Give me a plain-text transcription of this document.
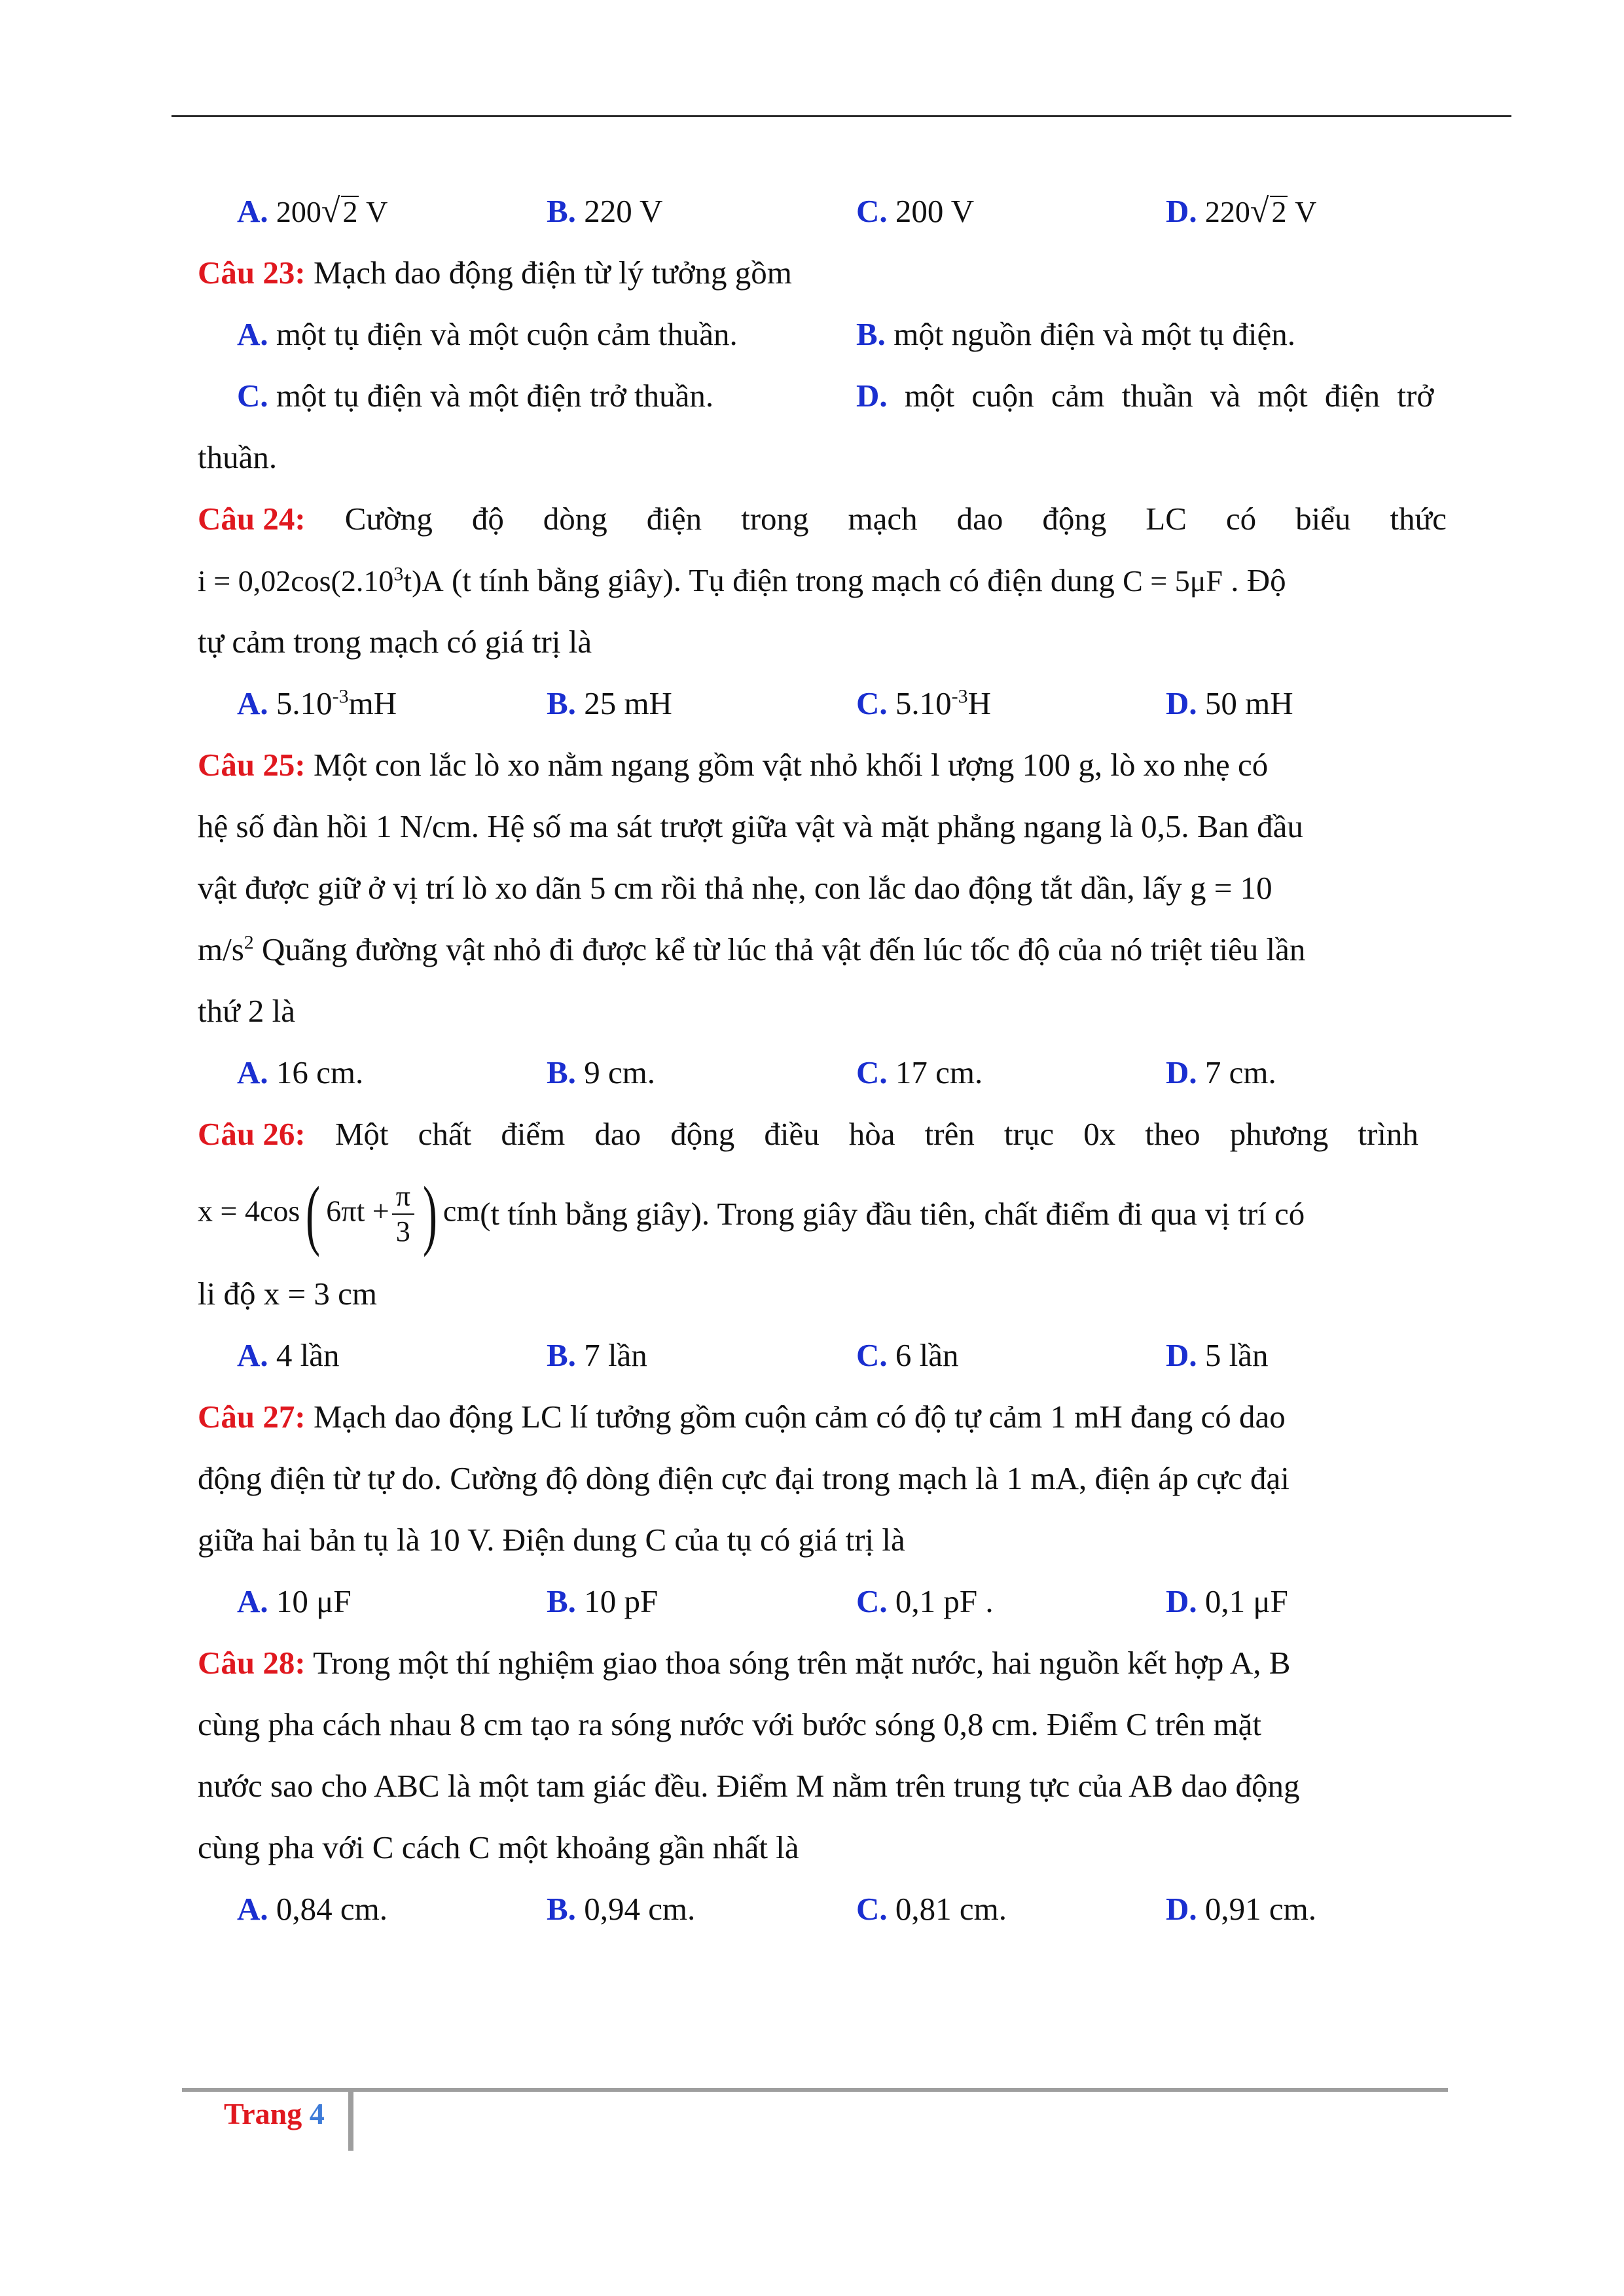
A. 200√2 V	B. 220 V	C. 200 V	D. 220√2 V
Câu 23: Mạch dao động điện từ lý tưởng gồm
A. một tụ điện và một cuộn cảm thuần.	B. một nguồn điện và một tụ điện.
C. một tụ điện và một điện trở thuần.	D. một cuộn cảm thuần và một điện trở
thuần.
Câu 24: Cường độ dòng điện trong mạch dao động LC có biểu thức
$i = 0,02\cos(2.10^3t)A$ (t tính bằng giây). Tụ điện trong mạch có điện dung C = 5μF . Độ
tự cảm trong mạch có giá trị là
A. $5.10^{-3}mH$	B. 25 mH	C. $5.10^{-3}H$	D. 50 mH
Câu 25: Một con lắc lò xo nằm ngang gồm vật nhỏ khối l ượng 100 g, lò xo nhẹ có
hệ số đàn hồi 1 N/cm. Hệ số ma sát trượt giữa vật và mặt phẳng ngang là 0,5. Ban đầu
vật được giữ ở vị trí lò xo dãn 5 cm rồi thả nhẹ, con lắc dao động tắt dần, lấy g = 10
$m/s^2$ Quãng đường vật nhỏ đi được kể từ lúc thả vật đến lúc tốc độ của nó triệt tiêu lần
thứ 2 là
A. 16 cm.	B. 9 cm.	C. 17 cm.	D. 7 cm.
Câu 26: Một chất điểm dao động điều hòa trên trục 0x theo phương trình
x = 4cos( $6\pi t + \frac{\pi}{3}$ ) cm (t tính bằng giây). Trong giây đầu tiên, chất điểm đi qua vị trí có
li độ x = 3 cm
A. 4 lần	B. 7 lần	C. 6 lần	D. 5 lần
Câu 27: Mạch dao động LC lí tưởng gồm cuộn cảm có độ tự cảm 1 mH đang có dao
động điện từ tự do. Cường độ dòng điện cực đại trong mạch là 1 mA, điện áp cực đại
giữa hai bản tụ là 10 V. Điện dung C của tụ có giá trị là
A. 10 μF	B. 10 pF	C. 0,1 pF .	D. 0,1 μF
Câu 28: Trong một thí nghiệm giao thoa sóng trên mặt nước, hai nguồn kết hợp A, B
cùng pha cách nhau 8 cm tạo ra sóng nước với bước sóng 0,8 cm. Điểm C trên mặt
nước sao cho ABC là một tam giác đều. Điểm M nằm trên trung tực của AB dao động
cùng pha với C cách C một khoảng gần nhất là
A. 0,84 cm.	B. 0,94 cm.	C. 0,81 cm.	D. 0,91 cm.
Trang 4
